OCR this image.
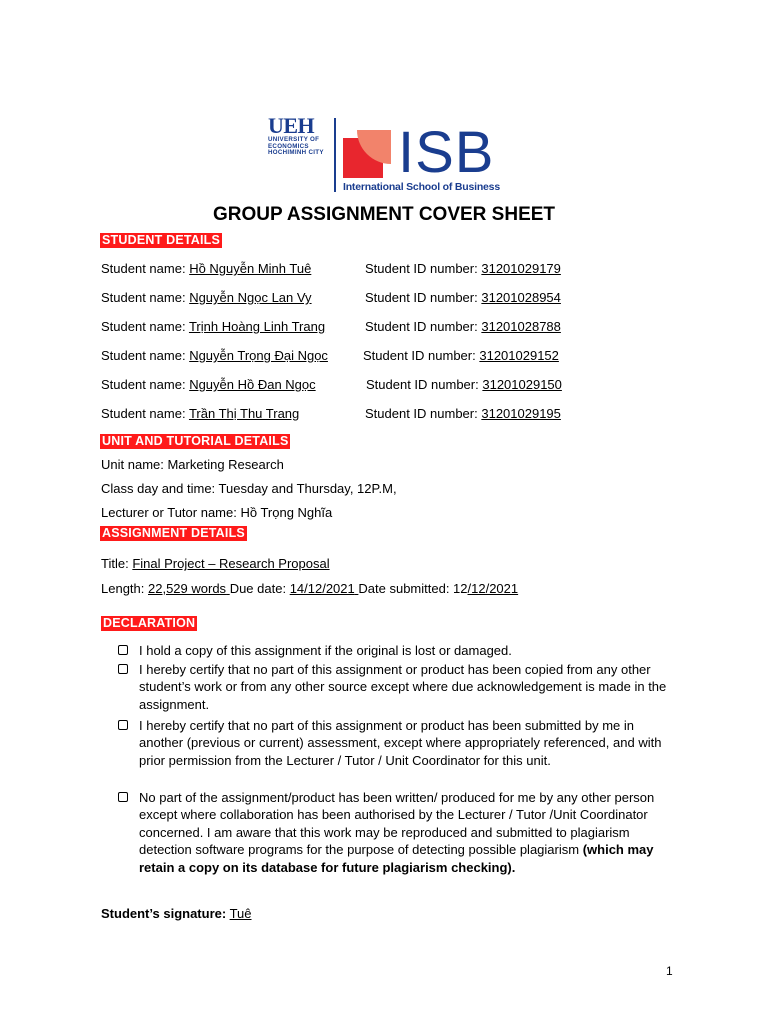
UEH
UNIVERSITY OF
ECONOMICS
HOCHIMINH CITY ISB
International School of Business
GROUP ASSIGNMENT COVER SHEET
STUDENT DETAILS
Student name: Hồ Nguyễn Minh Tuê	Student ID number: 31201029179
Student name: Nguyễn Ngọc Lan Vy	Student ID number: 31201028954
Student name: Trịnh Hoàng Linh Trang	Student ID number: 31201028788
Student name: Nguyễn Trọng Đại Ngọc	Student ID number: 31201029152
Student name: Nguyễn Hồ Đan Ngọc	Student ID number: 31201029150
Student name: Trần Thị Thu Trang	Student ID number: 31201029195
UNIT AND TUTORIAL DETAILS
Unit name: Marketing Research
Class day and time: Tuesday and Thursday, 12P.M,
Lecturer or Tutor name: Hồ Trọng Nghĩa
ASSIGNMENT DETAILS
Title: Final Project – Research Proposal
Length: 22,529 words Due date: 14/12/2021 Date submitted: 12/12/2021
DECLARATION
I hold a copy of this assignment if the original is lost or damaged.
I hereby certify that no part of this assignment or product has been copied from any other student’s work or from any other source except where due acknowledgement is made in the assignment.
I hereby certify that no part of this assignment or product has been submitted by me in another (previous or current) assessment, except where appropriately referenced, and with prior permission from the Lecturer / Tutor / Unit Coordinator for this unit.
No part of the assignment/product has been written/ produced for me by any other person except where collaboration has been authorised by the Lecturer / Tutor /Unit Coordinator concerned. I am aware that this work may be reproduced and submitted to plagiarism detection software programs for the purpose of detecting possible plagiarism (which may retain a copy on its database for future plagiarism checking).
Student’s signature: Tuê
1
